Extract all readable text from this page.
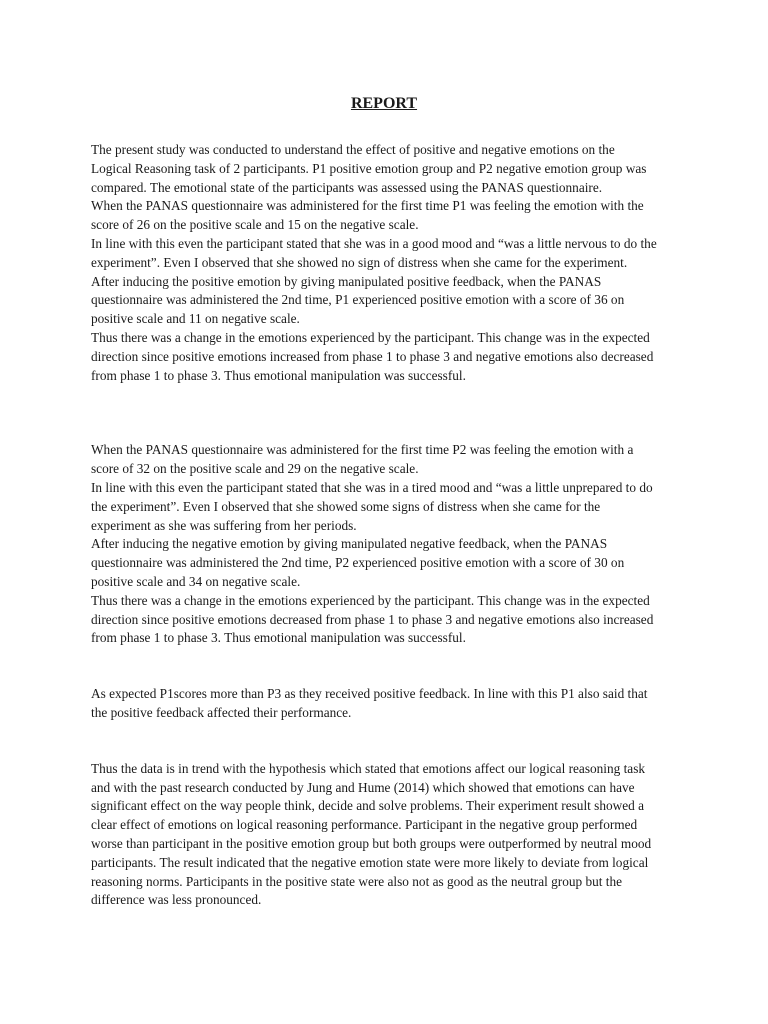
REPORT
The present study was conducted to understand the effect of positive and negative emotions on the
Logical Reasoning task of 2 participants. P1 positive emotion group and P2 negative emotion group was
compared. The emotional state of the participants was assessed using the PANAS questionnaire.
When the PANAS questionnaire was administered for the first time P1 was feeling the emotion with the
score of 26 on the positive scale and 15 on the negative scale.
In line with this even the participant stated that she was in a good mood and “was a little nervous to do the
experiment”. Even I observed that she showed no sign of distress when she came for the experiment.
After inducing the positive emotion by giving manipulated positive feedback, when the PANAS
questionnaire was administered the 2nd time, P1 experienced positive emotion with a score of 36 on
positive scale and 11 on negative scale.
Thus there was a change in the emotions experienced by the participant. This change was in the expected
direction since positive emotions increased from phase 1 to phase 3 and negative emotions also decreased
from phase 1 to phase 3. Thus emotional manipulation was successful.
When the PANAS questionnaire was administered for the first time P2 was feeling the emotion with a
score of 32 on the positive scale and 29 on the negative scale.
In line with this even the participant stated that she was in a tired mood and “was a little unprepared to do
the experiment”. Even I observed that she showed some signs of distress when she came for the
experiment as she was suffering from her periods.
After inducing the negative emotion by giving manipulated negative feedback, when the PANAS
questionnaire was administered the 2nd time, P2 experienced positive emotion with a score of 30 on
positive scale and 34 on negative scale.
Thus there was a change in the emotions experienced by the participant. This change was in the expected
direction since positive emotions decreased from phase 1 to phase 3 and negative emotions also increased
from phase 1 to phase 3. Thus emotional manipulation was successful.
As expected P1scores more than P3 as they received positive feedback. In line with this P1 also said that
the positive feedback affected their performance.
Thus the data is in trend with the hypothesis which stated that emotions affect our logical reasoning task
and with the past research conducted by Jung and Hume (2014) which showed that emotions can have
significant effect on the way people think, decide and solve problems. Their experiment result showed a
clear effect of emotions on logical reasoning performance. Participant in the negative group performed
worse than participant in the positive emotion group but both groups were outperformed by neutral mood
participants. The result indicated that the negative emotion state were more likely to deviate from logical
reasoning norms. Participants in the positive state were also not as good as the neutral group but the
difference was less pronounced.
